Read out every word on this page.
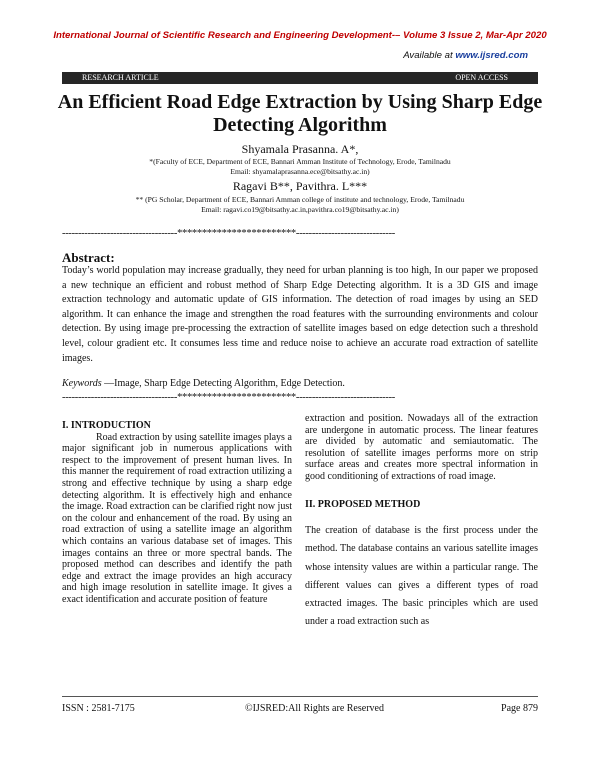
International Journal of Scientific Research and Engineering Development-– Volume 3 Issue 2, Mar-Apr 2020
Available at www.ijsred.com
RESEARCH ARTICLE	OPEN ACCESS
An Efficient Road Edge Extraction by Using Sharp Edge
Detecting Algorithm
Shyamala Prasanna. A*,
*(Faculty of ECE, Department of ECE, Bannari Amman Institute of Technology, Erode, Tamilnadu
Email: shyamalaprasanna.ece@bitsathy.ac.in)
Ragavi B**, Pavithra. L***
** (PG Scholar, Department of ECE, Bannari Amman college of institute and technology, Erode, Tamilnadu
Email: ragavi.co19@bitsathy.ac.in,pavithra.co19@bitsathy.ac.in)
------------------------------------************************-------------------------------
Abstract:
Today’s world population may increase gradually, they need for urban planning is too high, In our paper we proposed a new technique an efficient and robust method of Sharp Edge Detecting algorithm. It is a 3D GIS and image extraction technology and automatic update of GIS information. The detection of road images by using an SED algorithm. It can enhance the image and strengthen the road features with the surrounding environments and colour detection. By using image pre-processing the extraction of satellite images based on edge detection such a threshold level, colour gradient etc. It consumes less time and reduce noise to achieve an accurate road extraction of satellite images.
Keywords —Image, Sharp Edge Detecting Algorithm, Edge Detection.
------------------------------------************************-------------------------------
I. INTRODUCTION
Road extraction by using satellite images plays a major significant job in numerous applications with respect to the improvement of present human lives. In this manner the requirement of road extraction utilizing a strong and effective technique by using a sharp edge detecting algorithm. It is effectively high and enhance the image. Road extraction can be clarified right now just on the colour and enhancement of the road. By using an road extraction of using a satellite image an algorithm which contains an various database set of images. This images contains an three or more spectral bands. The proposed method can describes and identify the path edge and extract the image provides an high accuracy and high image resolution in satellite image. It gives a exact identification and accurate position of feature
extraction and position. Nowadays all of the extraction are undergone in automatic process. The linear features are divided by automatic and semiautomatic. The resolution of satellite images performs more on strip surface areas and creates more spectral information in good conditioning of extractions of road image.
II. PROPOSED METHOD
The creation of database is the first process under the method. The database contains an various satellite images whose intensity values are within a particular range. The different values can gives a different types of road extracted images. The basic principles which are used under a road extraction such as
ISSN : 2581-7175	©IJSRED:All Rights are Reserved	Page 879
